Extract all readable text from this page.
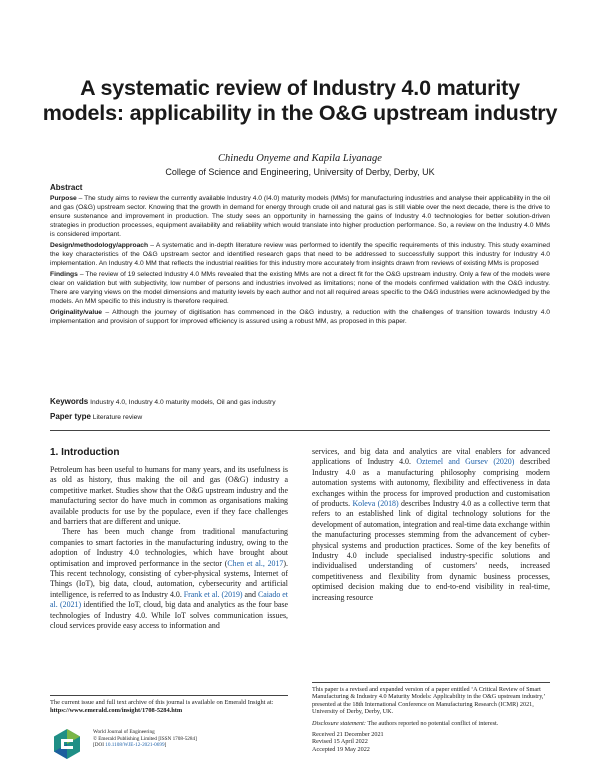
A systematic review of Industry 4.0 maturity models: applicability in the O&G upstream industry
Chinedu Onyeme and Kapila Liyanage
College of Science and Engineering, University of Derby, Derby, UK
Abstract

Purpose – The study aims to review the currently available Industry 4.0 (I4.0) maturity models (MMs) for manufacturing industries and analyse their applicability in the oil and gas (O&G) upstream sector. Knowing that the growth in demand for energy through crude oil and natural gas is still viable over the next decade, there is the drive to ensure sustenance and improvement in production. The study sees an opportunity in harnessing the gains of Industry 4.0 technologies for better solution-driven strategies in production processes, equipment availability and reliability which would translate into higher production performance. So, a review on the Industry 4.0 MMs is considered important.

Design/methodology/approach – A systematic and in-depth literature review was performed to identify the specific requirements of this industry. This study examined the key characteristics of the O&G upstream sector and identified research gaps that need to be addressed to successfully support this industry for Industry 4.0 implementation. An Industry 4.0 MM that reflects the industrial realities for this industry more accurately from insights drawn from reviews of existing MMs is proposed

Findings – The review of 19 selected Industry 4.0 MMs revealed that the existing MMs are not a direct fit for the O&G upstream industry. Only a few of the models were clear on validation but with subjectivity, low number of persons and industries involved as limitations; none of the models confirmed validation with the O&G industry. There are varying views on the model dimensions and maturity levels by each author and not all required areas specific to the O&G industries were acknowledged by the models. An MM specific to this industry is therefore required.

Originality/value – Although the journey of digitisation has commenced in the O&G industry, a reduction with the challenges of transition towards Industry 4.0 implementation and provision of support for improved efficiency is assured using a robust MM, as proposed in this paper.

Keywords Industry 4.0, Industry 4.0 maturity models, Oil and gas industry
Paper type Literature review
1. Introduction

Petroleum has been useful to humans for many years, and its usefulness is as old as history, thus making the oil and gas (O&G) industry a competitive market. Studies show that the O&G upstream industry and the manufacturing sector do have much in common as organisations making available products for use by the populace, even if they face challenges and barriers that are different and unique.

There has been much change from traditional manufacturing companies to smart factories in the manufacturing industry, owing to the adoption of Industry 4.0 technologies, which have brought about optimisation and improved performance in the sector (Chen et al., 2017). This recent technology, consisting of cyber-physical systems, Internet of Things (IoT), big data, cloud, automation, cybersecurity and artificial intelligence, is referred to as Industry 4.0. Frank et al. (2019) and Caiado et al. (2021) identified the IoT, cloud, big data and analytics as the four base technologies of Industry 4.0. While IoT solves communication issues, cloud services provide easy access to information and

services, and big data and analytics are vital enablers for advanced applications of Industry 4.0. Oztemel and Gursev (2020) described Industry 4.0 as a manufacturing philosophy comprising modern automation systems with autonomy, flexibility and effectiveness in data exchanges within the process for improved production and customisation of products. Koleva (2018) describes Industry 4.0 as a collective term that refers to an established link of digital technology solutions for the development of automation, integration and real-time data exchange within the manufacturing processes stemming from the advancement of cyber-physical systems and production practices. Some of the key benefits of Industry 4.0 include specialised industry-specific solutions and individualised understanding of customers’ needs, increased competitiveness and flexibility from dynamic business processes, optimised decision making due to end-to-end visibility in real-time, increasing resource

This paper is a revised and expanded version of a paper entitled ‘A Critical Review of Smart Manufacturing & Industry 4.0 Maturity Models: Applicability in the O&G upstream industry,’ presented at the 18th International Conference on Manufacturing Research (ICMR) 2021, University of Derby, Derby, UK.

Disclosure statement: The authors reported no potential conflict of interest.

Received 21 December 2021
Revised 15 April 2022
Accepted 19 May 2022
The current issue and full text archive of this journal is available on Emerald Insight at: https://www.emerald.com/insight/1708-5284.htm
World Journal of Engineering
© Emerald Publishing Limited [ISSN 1708-5284]
[DOI 10.1108/WJE-12-2021-0699]
